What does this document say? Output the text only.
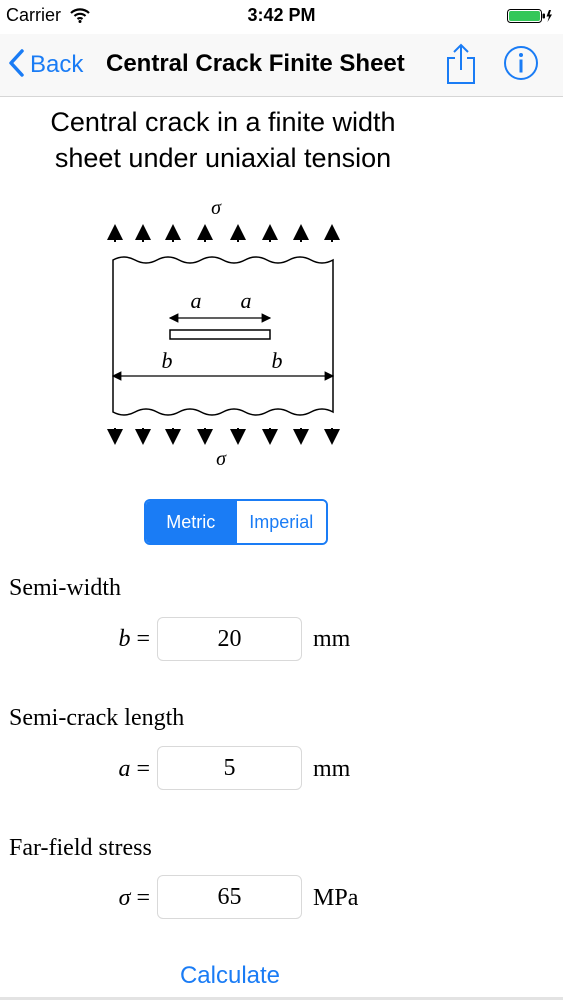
Carrier	3:42 PM
Back Central Crack Finite Sheet
Central crack in a finite width
sheet under uniaxial tension
σ
a a
b	b
σ
Metric	Imperial
Semi-width
b =	20	mm
Semi-crack length
a =	5	mm
Far-field stress
σ =	65	MPa
Calculate
